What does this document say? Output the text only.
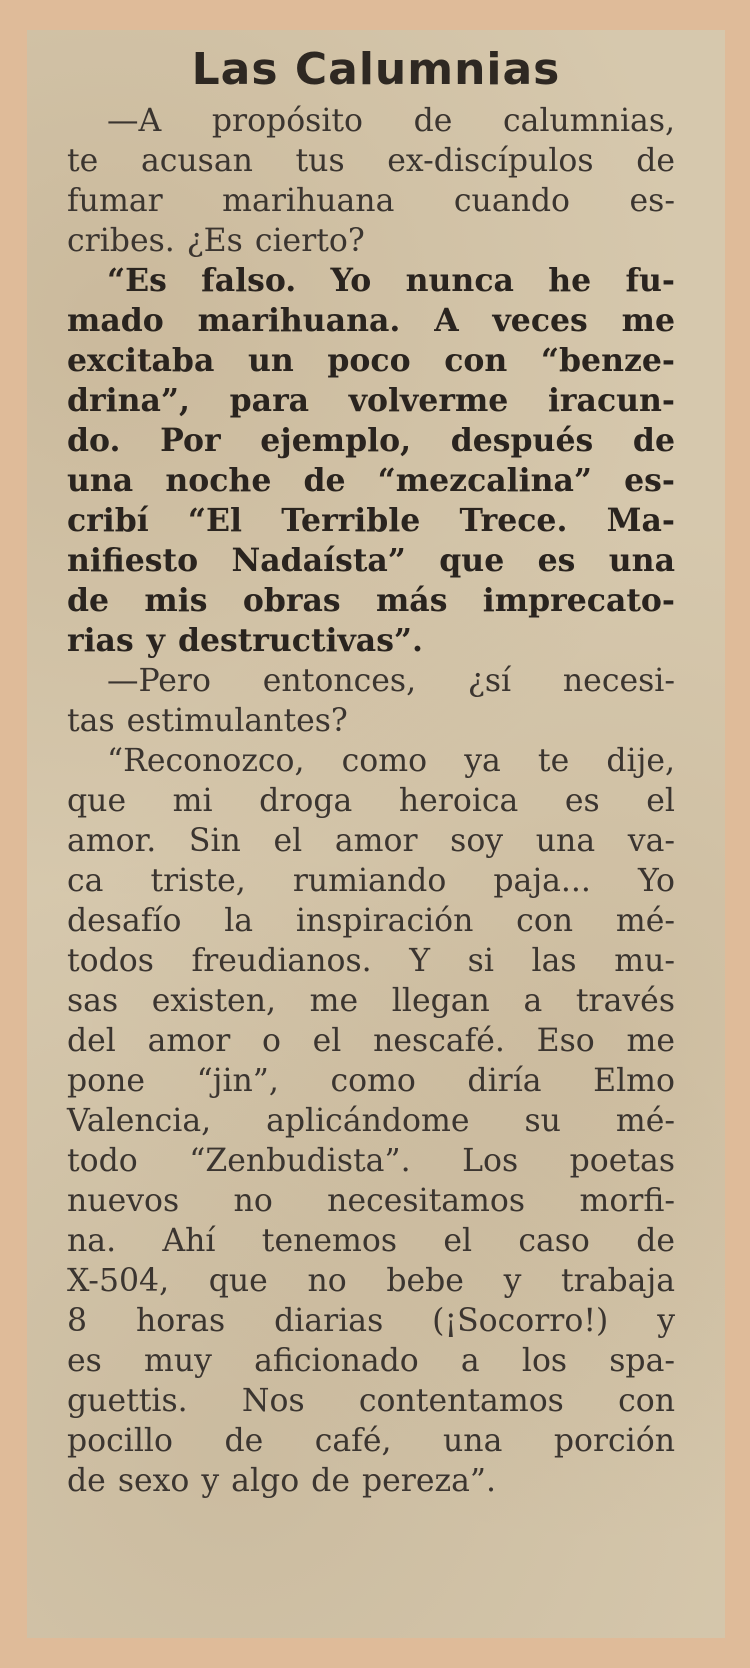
Las Calumnias
—A propósito de calumnias,
te acusan tus ex-discípulos de
fumar marihuana cuando es-
cribes. ¿Es cierto?
“Es falso. Yo nunca he fu-
mado marihuana. A veces me
excitaba un poco con “benze-
drina”, para volverme iracun-
do. Por ejemplo, después de
una noche de “mezcalina” es-
cribí “El Terrible Trece. Ma-
nifiesto Nadaísta” que es una
de mis obras más imprecato-
rias y destructivas”.
—Pero entonces, ¿sí necesi-
tas estimulantes?
“Reconozco, como ya te dije,
que mi droga heroica es el
amor. Sin el amor soy una va-
ca triste, rumiando paja... Yo
desafío la inspiración con mé-
todos freudianos. Y si las mu-
sas existen, me llegan a través
del amor o el nescafé. Eso me
pone “jin”, como diría Elmo
Valencia, aplicándome su mé-
todo “Zenbudista”. Los poetas
nuevos no necesitamos morfi-
na. Ahí tenemos el caso de
X-504, que no bebe y trabaja
8 horas diarias (¡Socorro!) y
es muy aficionado a los spa-
guettis. Nos contentamos con
pocillo de café, una porción
de sexo y algo de pereza”.
